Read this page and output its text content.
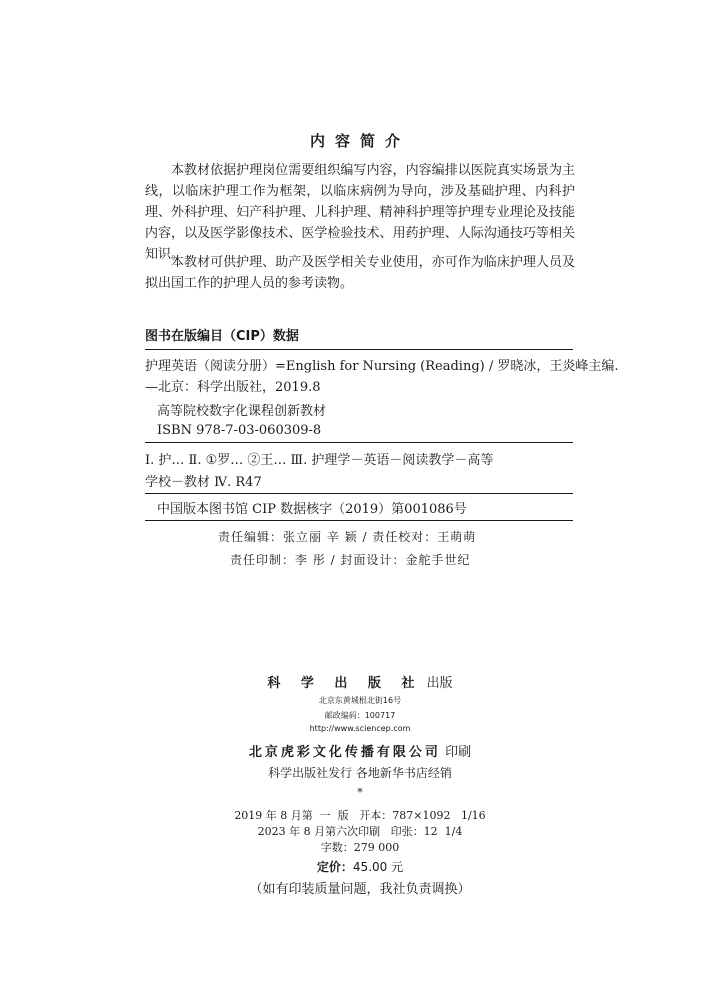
内容简介
本教材依据护理岗位需要组织编写内容，内容编排以医院真实场景为主线，以临床护理工作为框架，以临床病例为导向，涉及基础护理、内科护理、外科护理、妇产科护理、儿科护理、精神科护理等护理专业理论及技能内容，以及医学影像技术、医学检验技术、用药护理、人际沟通技巧等相关知识。
本教材可供护理、助产及医学相关专业使用，亦可作为临床护理人员及拟出国工作的护理人员的参考读物。
图书在版编目（CIP）数据
护理英语（阅读分册）=English for Nursing (Reading) / 罗晓冰，王炎峰主编.
—北京：科学出版社，2019.8
高等院校数字化课程创新教材
ISBN 978-7-03-060309-8
Ⅰ. 护… Ⅱ. ①罗… ②王… Ⅲ. 护理学－英语－阅读教学－高等
学校－教材 Ⅳ. R47
中国版本图书馆 CIP 数据核字（2019）第001086号
责任编辑：张立丽 辛 颖 / 责任校对：王萌萌
责任印制：李 彤 / 封面设计：金舵手世纪
科 学 出 版 社 出版
北京东黄城根北街16号
邮政编码：100717
http://www.sciencep.com
北京虎彩文化传播有限公司 印刷
科学出版社发行 各地新华书店经销
*
2019 年 8 月第  一  版   开本：787×1092   1/16
2023 年 8 月第六次印刷   印张：12  1/4
字数：279 000
定价：45.00 元
（如有印装质量问题，我社负责调换）
